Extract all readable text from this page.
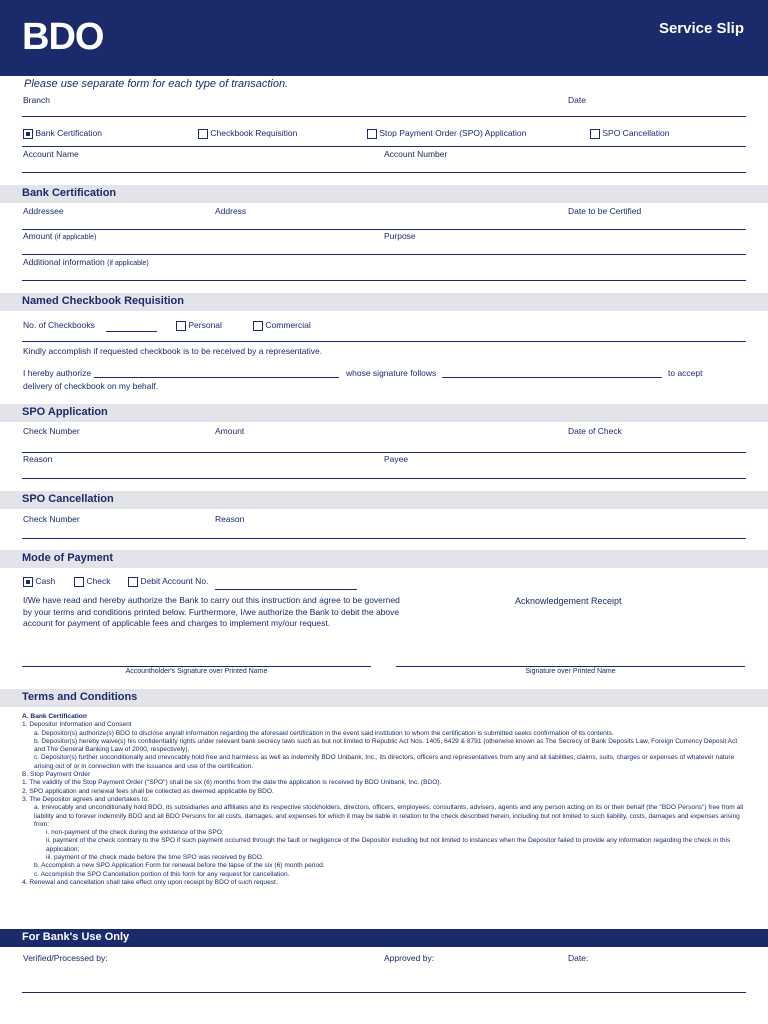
BDO	Service Slip
Please use separate form for each type of transaction.
Branch	Date
Bank Certification	Checkbook Requisition	Stop Payment Order (SPO) Application	SPO Cancellation
Account Name	Account Number
Bank Certification
Addressee	Address	Date to be Certified
Amount (if applicable)	Purpose
Additional information (if applicable)
Named Checkbook Requisition
No. of Checkbooks	Personal	Commercial
Kindly accomplish if requested checkbook is to be received by a representative.
I hereby authorize	whose signature follows	to accept
delivery of checkbook on my behalf.
SPO Application
Check Number	Amount	Date of Check
Reason	Payee
SPO Cancellation
Check Number	Reason
Mode of Payment
Cash	Check	Debit Account No.
I/We have read and hereby authorize the Bank to carry out this instruction and agree to be governed by your terms and conditions printed below. Furthermore, I/we authorize the Bank to debit the above account for payment of applicable fees and charges to implement my/our request.
Acknowledgement Receipt
Accountholder's Signature over Printed Name	Signature over Printed Name
Terms and Conditions
A. Bank Certification
1. Depositor Information and Consent
a. Depositor(s) authorize(s) BDO to disclose any/all information regarding the aforesaid certification in the event said institution to whom the certification is submitted seeks confirmation of its contents.
b. Depositor(s) hereby waive(s) his confidentiality rights under relevant bank secrecy laws such as but not limited to Republic Act Nos. 1405, 6429 & 8791 (otherwise known as The Secrecy of Bank Deposits Law, Foreign Currency Deposit Act and The General Banking Law of 2000, respectively).
c. Depositor(s) further unconditionally and irrevocably hold free and harmless as well as indemnify BDO Unibank, Inc., its directors, officers and representatives from any and all liabilities, claims, suits, charges or expenses of whatever nature arising out of or in connection with the issuance and use of the certification.
B. Stop Payment Order
1. The validity of the Stop Payment Order ("SPO") shall be six (6) months from the date the application is received by BDO Unibank, Inc. (BDO).
2. SPO application and renewal fees shall be collected as deemed applicable by BDO.
3. The Depositor agrees and undertakes to:
a. Irrevocably and unconditionally hold BDO, its subsidiaries and affiliates and its respective stockholders, directors, officers, employees, consultants, advisers, agents and any person acting on its or their behalf (the "BDO Persons") free from all liability and to forever indemnify BDO and all BDO Persons for all costs, damages, and expenses for which it may be liable in relation to the check described herein, including but not limited to such liability, costs, damages and expenses arising from:
i. non-payment of the check during the existence of the SPO;
ii. payment of the check contrary to the SPO if such payment occurred through the fault or negligence of the Depositor including but not limited to instances when the Depositor failed to provide any information regarding the check in this application;
iii. payment of the check made before the time SPO was received by BDO.
b. Accomplish a new SPO Application Form for renewal before the lapse of the six (6) month period.
c. Accomplish the SPO Cancellation portion of this form for any request for cancellation.
4. Renewal and cancellation shall take effect only upon receipt by BDO of such request.
For Bank's Use Only
Verified/Processed by:	Approved by:	Date:
